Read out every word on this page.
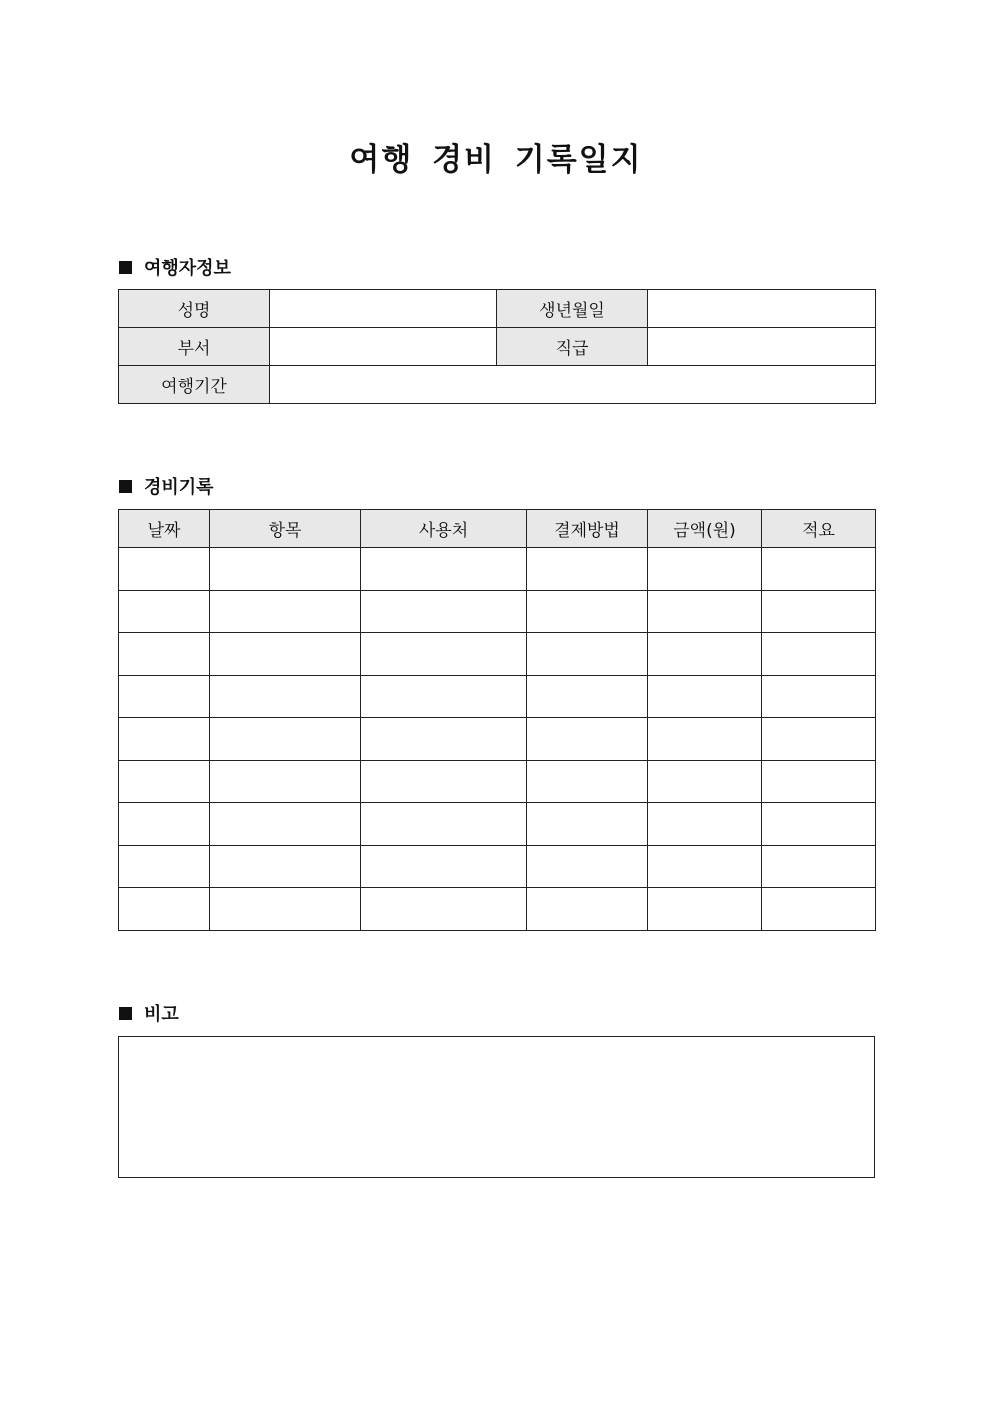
여행 경비 기록일지
여행자정보
성명		생년월일	
부서		직급	
여행기간			
경비기록
날짜	항목	사용처	결제방법	금액(원)	적요

비고
